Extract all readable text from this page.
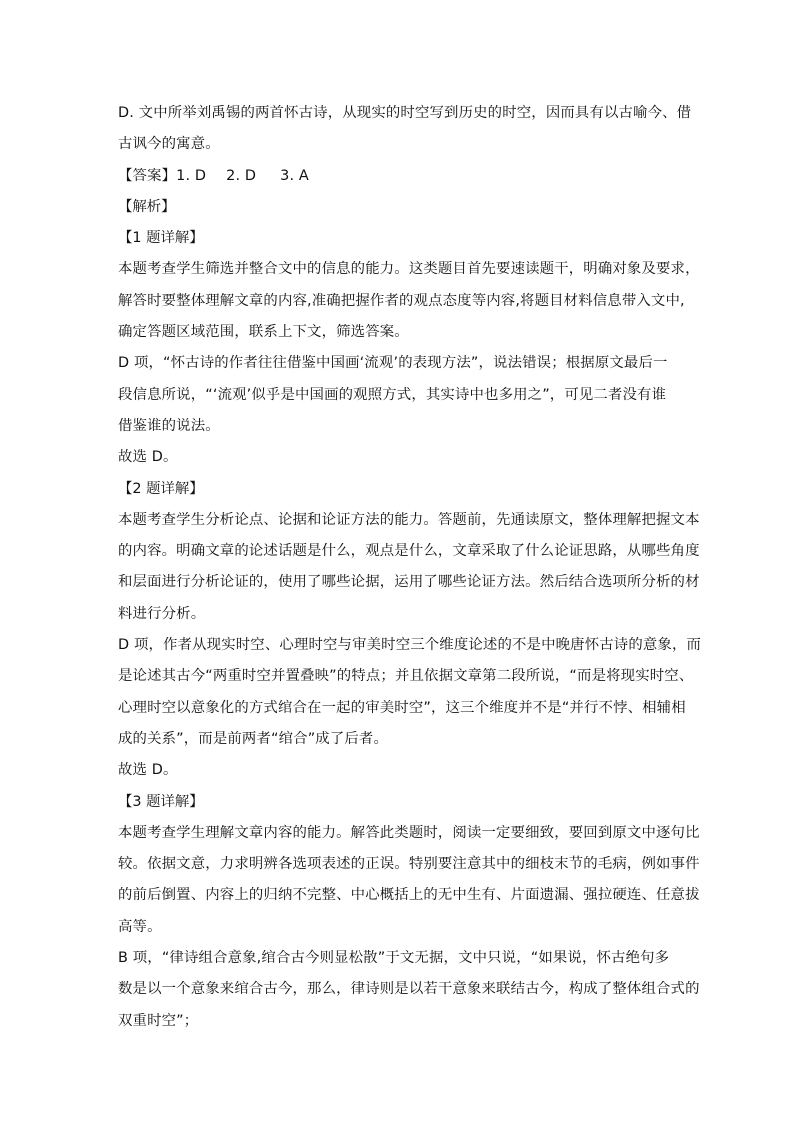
D. 文中所举刘禹锡的两首怀古诗，从现实的时空写到历史的时空，因而具有以古喻今、借

古讽今的寓意。

【答案】1. D 2. D 3. A

【解析】

【1 题详解】

本题考查学生筛选并整合文中的信息的能力。这类题目首先要速读题干，明确对象及要求，

解答时要整体理解文章的内容,准确把握作者的观点态度等内容,将题目材料信息带入文中,

确定答题区域范围，联系上下文，筛选答案。

D 项，“怀古诗的作者往往借鉴中国画‘流观’的表现方法”，说法错误；根据原文最后一

段信息所说，“‘流观’似乎是中国画的观照方式，其实诗中也多用之”，可见二者没有谁

借鉴谁的说法。

故选 D。

【2 题详解】

本题考查学生分析论点、论据和论证方法的能力。答题前，先通读原文，整体理解把握文本

的内容。明确文章的论述话题是什么，观点是什么，文章采取了什么论证思路，从哪些角度

和层面进行分析论证的，使用了哪些论据，运用了哪些论证方法。然后结合选项所分析的材

料进行分析。

D 项，作者从现实时空、心理时空与审美时空三个维度论述的不是中晚唐怀古诗的意象，而

是论述其古今“两重时空并置叠映”的特点；并且依据文章第二段所说，“而是将现实时空、

心理时空以意象化的方式绾合在一起的审美时空”，这三个维度并不是“并行不悖、相辅相

成的关系”，而是前两者“绾合”成了后者。

故选 D。

【3 题详解】

本题考查学生理解文章内容的能力。解答此类题时，阅读一定要细致，要回到原文中逐句比

较。依据文意，力求明辨各选项表述的正误。特别要注意其中的细枝末节的毛病，例如事件

的前后倒置、内容上的归纳不完整、中心概括上的无中生有、片面遗漏、强拉硬连、任意拔

高等。

B 项，“律诗组合意象,绾合古今则显松散”于文无据，文中只说，“如果说，怀古绝句多

数是以一个意象来绾合古今，那么，律诗则是以若干意象来联结古今，构成了整体组合式的

双重时空”；
